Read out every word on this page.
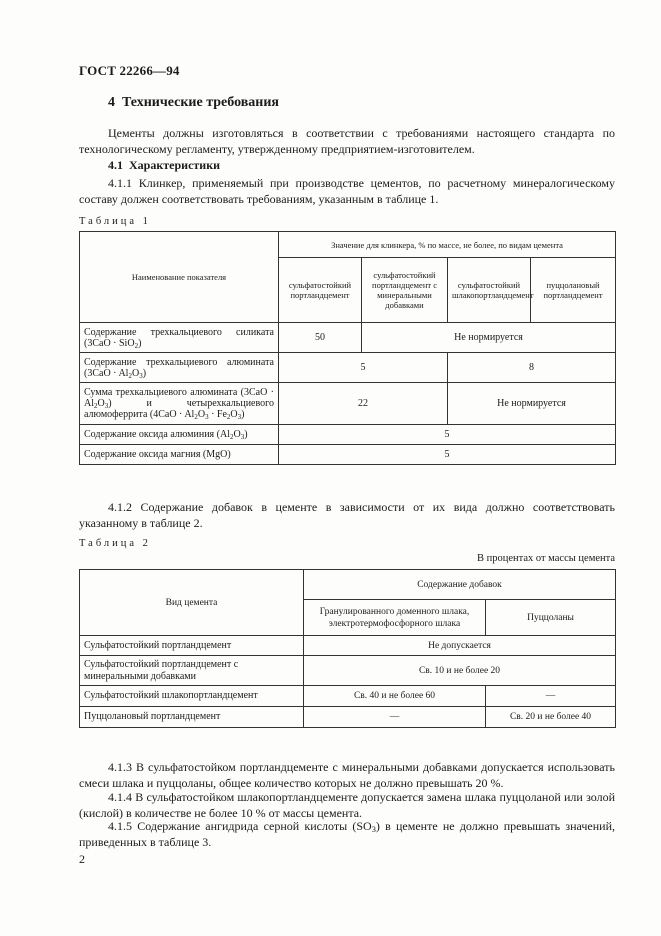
ГОСТ 22266—94
4 Технические требования
Цементы должны изготовляться в соответствии с требованиями настоящего стандарта по технологическому регламенту, утвержденному предприятием-изготовителем.
4.1 Характеристики
4.1.1 Клинкер, применяемый при производстве цементов, по расчетному минералогическому составу должен соответствовать требованиям, указанным в таблице 1.
Таблица 1
Наименование показателя	Значение для клинкера, % по массе, не более, по видам цемента			
	сульфатостойкий портландцемент	сульфатостойкий портландцемент с минеральными добавками	сульфатостойкий шлакопортландцемент	пуццолановый портландцемент
Содержание трехкальциевого силиката (3CaO · SiO$_2$)	50	Не нормируется		
Содержание трехкальциевого алюмината $(3CaO \cdot Al_2O_3)$	5		8	
Сумма трехкальциевого алюмината $(3CaO \cdot Al_2O_3)$ и четырехкальциевого алюмоферрита $(4CaO \cdot Al_2O_3 \cdot Fe_2O_3)$	22		Не нормируется	
Содержание оксида алюминия $(Al_2O_3)$	5			
Содержание оксида магния (MgO)	5			
4.1.2 Содержание добавок в цементе в зависимости от их вида должно соответствовать указанному в таблице 2.
Таблица 2
В процентах от массы цемента
Вид цемента	Содержание добавок	
	Гранулированного доменного шлака, электротермофосфорного шлака	Пуццоланы
Сульфатостойкий портландцемент	Не допускается	
Сульфатостойкий портландцемент с минеральными добавками	Св. 10 и не более 20	
Сульфатостойкий шлакопортландцемент	Св. 40 и не более 60	—
Пуццолановый портландцемент	—	Св. 20 и не более 40
4.1.3 В сульфатостойком портландцементе с минеральными добавками допускается использовать смеси шлака и пуццоланы, общее количество которых не должно превышать 20 %.
4.1.4 В сульфатостойком шлакопортландцементе допускается замена шлака пуццоланой или золой (кислой) в количестве не более 10 % от массы цемента.
4.1.5 Содержание ангидрида серной кислоты $(SO_3)$ в цементе не должно превышать значений, приведенных в таблице 3.
2
